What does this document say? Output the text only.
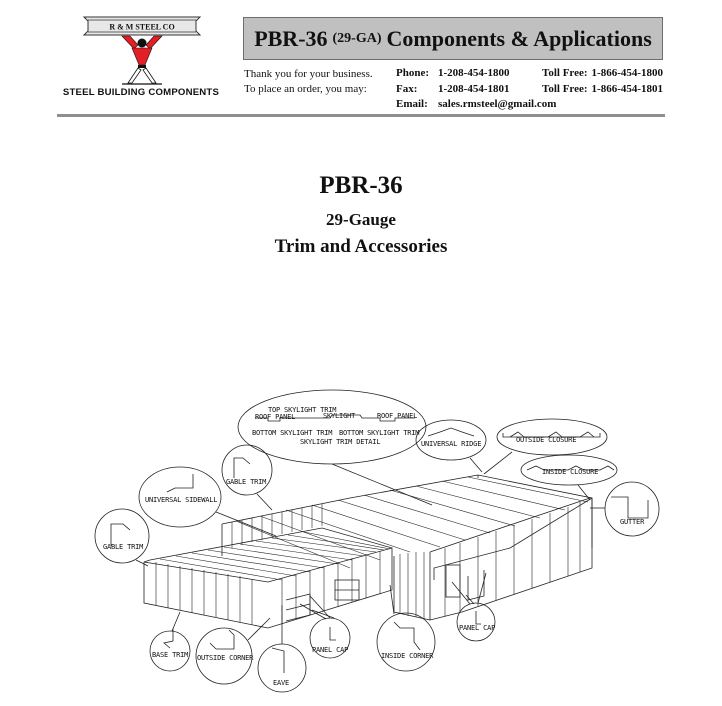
R & M STEEL CO
STEEL BUILDING COMPONENTS
PBR-36 (29-GA) Components & Applications
Thank you for your business.
To place an order, you may:
Phone: 1-208-454-1800	Toll Free: 1-866-454-1800
Fax:	1-208-454-1801	Toll Free: 1-866-454-1801
Email: sales.rmsteel@gmail.com
PBR-36
29-Gauge
Trim and Accessories
TOP SKYLIGHT TRIM
ROOF PANEL	SKYLIGHT	ROOF PANEL
BOTTOM SKYLIGHT TRIM BOTTOM SKYLIGHT TRIM
SKYLIGHT TRIM DETAIL	UNIVERSAL RIDGE	OUTSIDE CLOSURE
INSIDE CLOSURE
GUTTER
GABLE TRIM
UNIVERSAL SIDEWALL
GABLE TRIM
BASE TRIM OUTSIDE CORNER
EAVE
PANEL CAP
INSIDE CORNER
PANEL CAP
